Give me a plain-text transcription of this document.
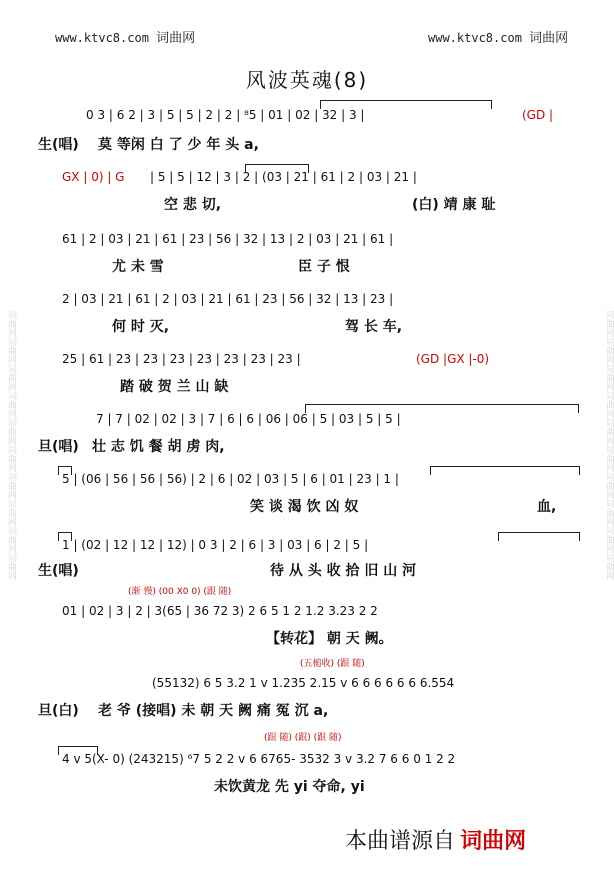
词曲网词曲网词曲网词曲网词曲网词曲网词曲网词曲网词曲网词曲网	词曲网词曲网词曲网词曲网词曲网词曲网词曲网词曲网词曲网词曲网
www.ktvc8.com 词曲网	www.ktvc8.com 词曲网
风波英魂(8)
0 3 | 6 2 | 3 | 5 | 5 | 2 | 2 | ⁸5 | 01 | 02 | 32 | 3 |	(GD |
生(唱) 莫 等闲 白 了 少 年 头 a,
GX | 0) | G | 5 | 5 | 12 | 3 | 2 | (03 | 21 | 61 | 2 | 03 | 21 |
空 悲 切,	(白) 靖 康 耻
61 | 2 | 03 | 21 | 61 | 23 | 56 | 32 | 13 | 2 | 03 | 21 | 61 |
尤 未 雪	臣 子 恨
2 | 03 | 21 | 61 | 2 | 03 | 21 | 61 | 23 | 56 | 32 | 13 | 23 |
何 时 灭,	驾 长 车,
25 | 61 | 23 | 23 | 23 | 23 | 23 | 23 | 23 |	(GD |GX |-0)
踏 破 贺 兰 山 缺
7 | 7 | 02 | 02 | 3 | 7 | 6 | 6 | 06 | 06 | 5 | 03 | 5 | 5 |
旦(唱) 壮 志 饥 餐 胡 虏 肉,
5 | (06 | 56 | 56 | 56) | 2 | 6 | 02 | 03 | 5 | 6 | 01 | 23 | 1 |
笑 谈 渴 饮 凶 奴	血,
1 | (02 | 12 | 12 | 12) | 0 3 | 2 | 6 | 3 | 03 | 6 | 2 | 5 |
生(唱)	待 从 头 收 拾 旧 山 河
(渐 慢) (00 X0 0) (跟 随)
01 | 02 | 3 | 2 | 3(65 | 36 72 3) 2 6 5 1 2 1.2 3.23 2 2
【转花】 朝 天 阙。
(五槌收) (跟 随)
(55132) 6 5 3.2 1 v 1.235 2.15 v 6 6 6 6 6 6 6.554
旦(白) 老 爷 (接唱) 未 朝 天 阙 痛 冤 沉 a,
(跟 随) (跟) (跟 随)
4 v 5(X- 0) (243215) ⁶7 5 2 2 v 6 6765- 3532 3 v 3.2 7 6 6 0 1 2 2
未饮黄龙 先 yi 夺命, yi
本曲谱源自 词曲网
